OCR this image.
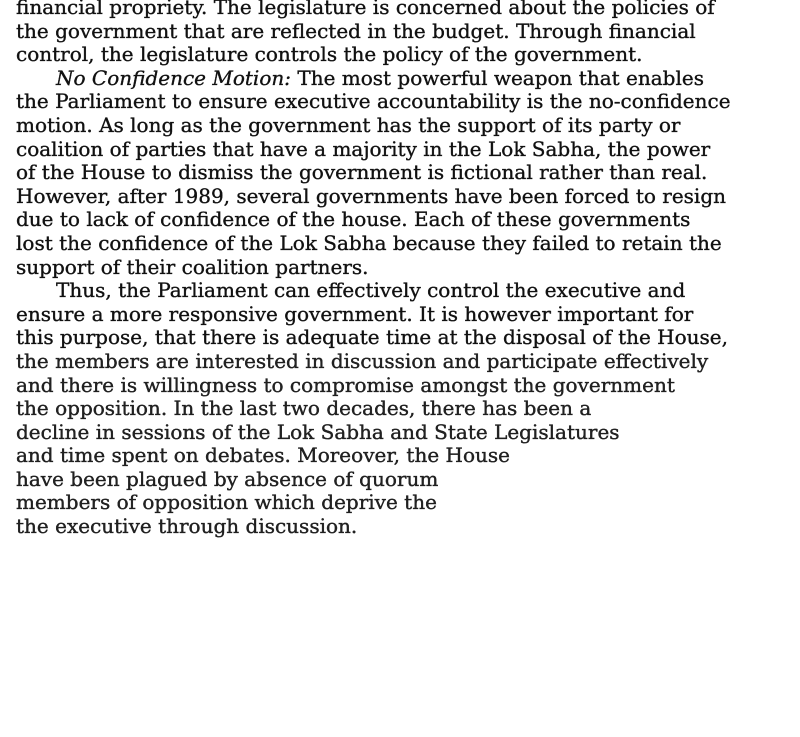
financial propriety. The legislature is concerned about the policies of
the government that are reflected in the budget. Through financial
control, the legislature controls the policy of the government.

No Confidence Motion: The most powerful weapon that enables
the Parliament to ensure executive accountability is the no-confidence
motion. As long as the government has the support of its party or
coalition of parties that have a majority in the Lok Sabha, the power
of the House to dismiss the government is fictional rather than real.
However, after 1989, several governments have been forced to resign
due to lack of confidence of the house. Each of these governments
lost the confidence of the Lok Sabha because they failed to retain the
support of their coalition partners.

Thus, the Parliament can effectively control the executive and
ensure a more responsive government. It is however important for
this purpose, that there is adequate time at the disposal of the House,
the members are interested in discussion and participate effectively
and there is willingness to compromise amongst the government
the opposition. In the last two decades, there has been a
decline in sessions of the Lok Sabha and State Legislatures
and time spent on debates. Moreover, the House
have been plagued by absence of quorum
members of opposition which deprive the
the executive through discussion.
